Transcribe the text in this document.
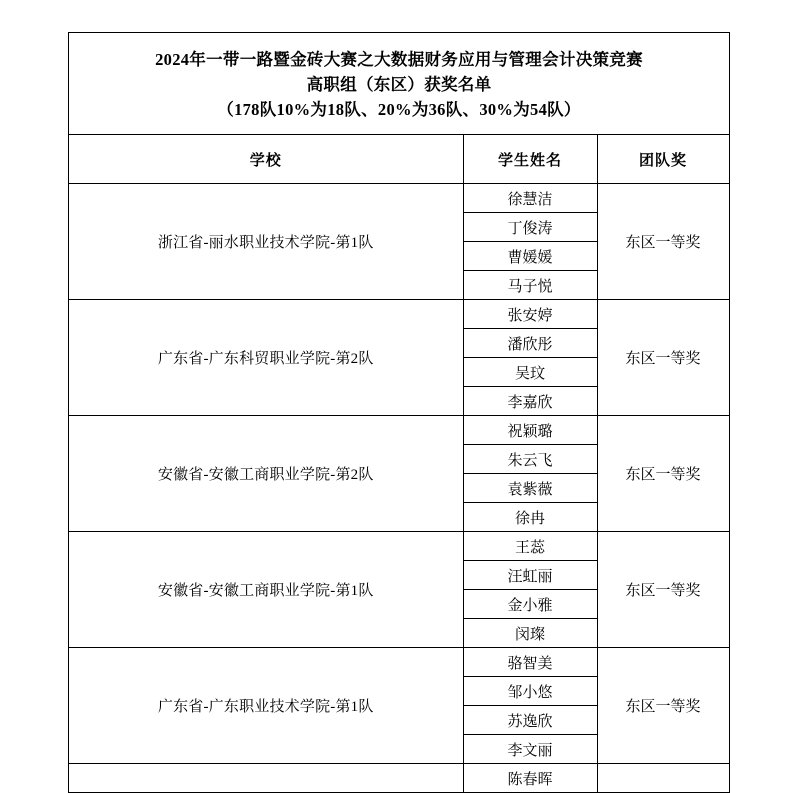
2024年一带一路暨金砖大赛之大数据财务应用与管理会计决策竞赛
高职组（东区）获奖名单
（178队10%为18队、20%为36队、30%为54队）
学校	学生姓名	团队奖
浙江省-丽水职业技术学院-第1队	徐慧洁	东区一等奖
	丁俊涛	
	曹媛媛	
	马子悦	
广东省-广东科贸职业学院-第2队	张安婷	东区一等奖
	潘欣彤	
	吴玟	
	李嘉欣	
安徽省-安徽工商职业学院-第2队	祝颖璐	东区一等奖
	朱云飞	
	袁紫薇	
	徐冉	
安徽省-安徽工商职业学院-第1队	王蕊	东区一等奖
	汪虹丽	
	金小雅	
	闵璨	
广东省-广东职业技术学院-第1队	骆智美	东区一等奖
	邹小悠	
	苏逸欣	
	李文丽	
	陈春晖	
